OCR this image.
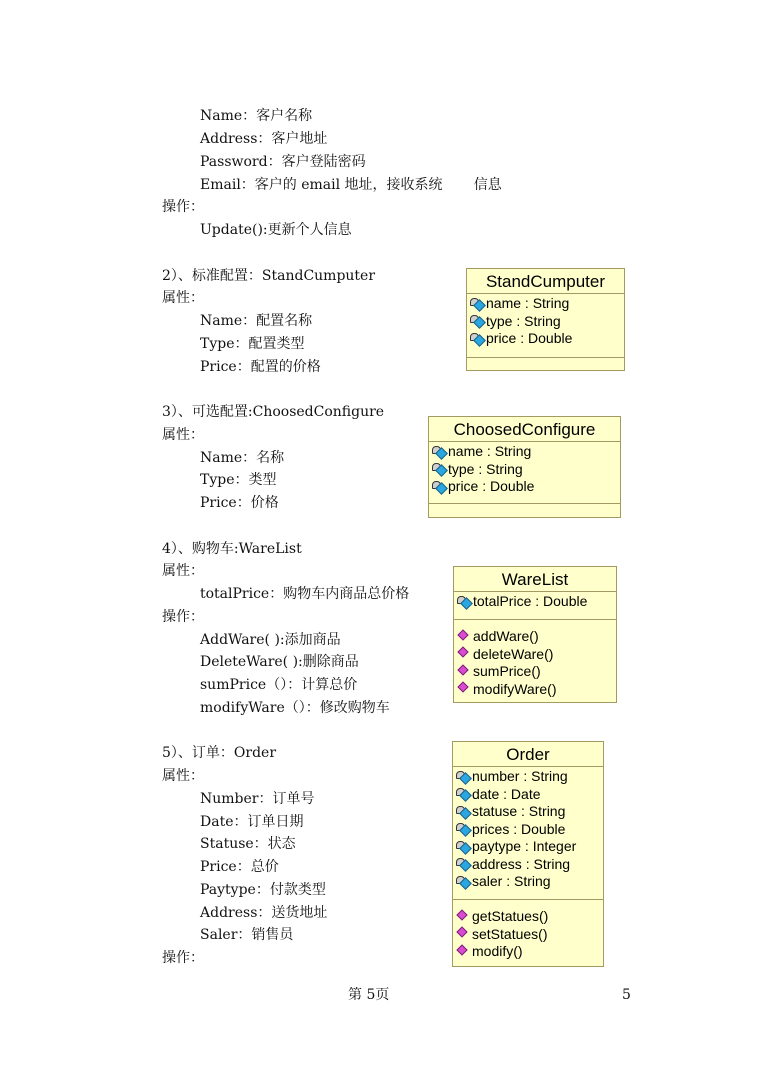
Name：客户名称
Address：客户地址
Password：客户登陆密码
Email：客户的 email 地址，接收系统       信息
操作：
Update():更新个人信息
2）、标准配置：StandCumputer
属性：
Name：配置名称
Type：配置类型
Price：配置的价格
3）、可选配置:ChoosedConfigure
属性：
Name：名称
Type：类型
Price：价格
4）、购物车:WareList
属性：
totalPrice：购物车内商品总价格
操作：
AddWare( ):添加商品
DeleteWare( ):删除商品
sumPrice（）：计算总价
modifyWare（）：修改购物车
5）、订单：Order
属性：
Number：订单号
Date：订单日期
Statuse：状态
Price：总价
Paytype：付款类型
Address：送货地址
Saler：销售员
操作：
StandCumputer
name : String
type : String
price : Double
ChoosedConfigure
name : String
type : String
price : Double
WareList
totalPrice : Double
addWare()
deleteWare()
sumPrice()
modifyWare()
Order
number : String
date : Date
statuse : String
prices : Double
paytype : Integer
address : String
saler : String
getStatues()
setStatues()
modify()
第 5页	5
